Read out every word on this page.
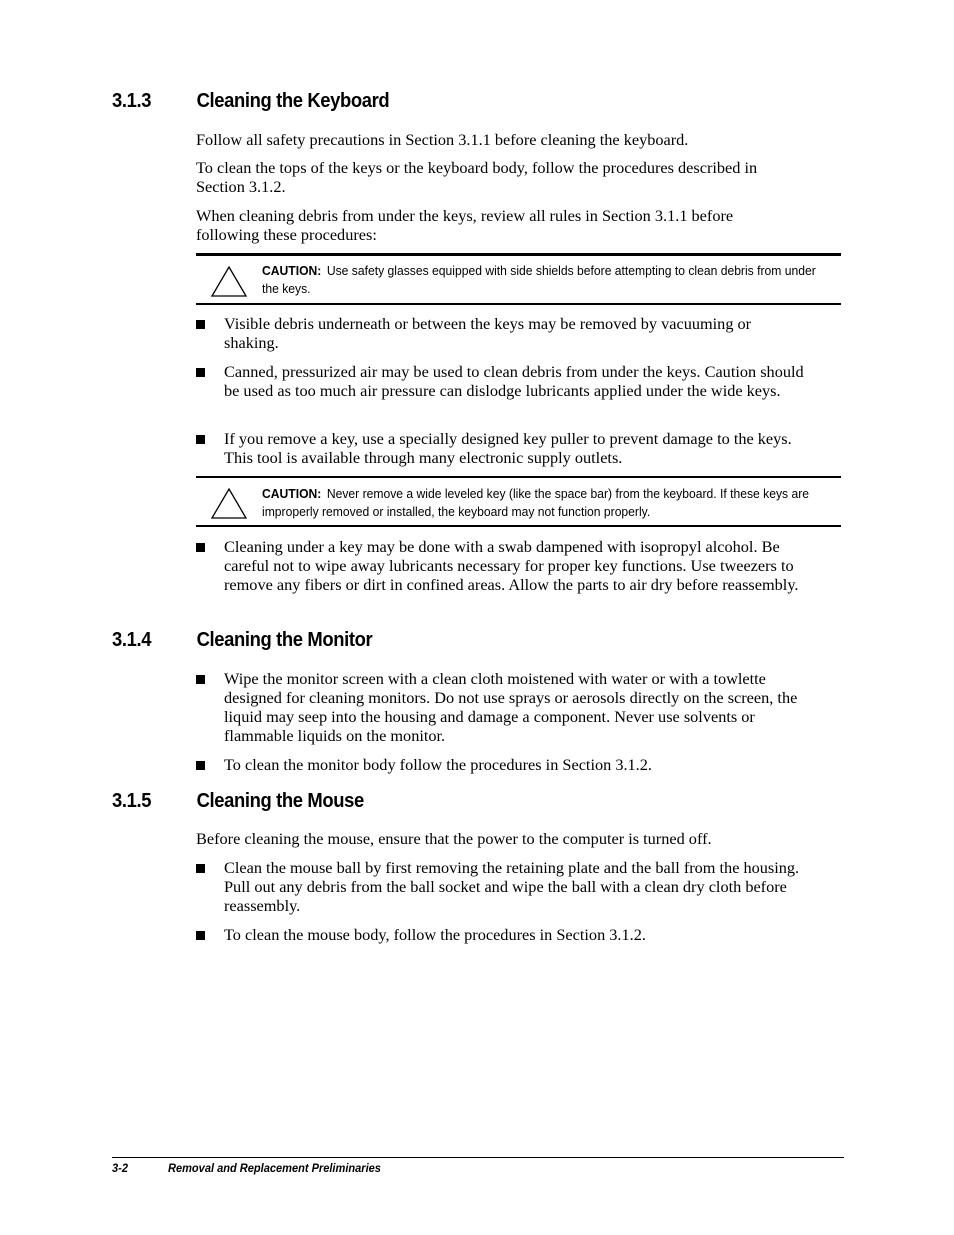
3.1.3 Cleaning the Keyboard
Follow all safety precautions in Section 3.1.1 before cleaning the keyboard.
To clean the tops of the keys or the keyboard body, follow the procedures described in Section 3.1.2.
When cleaning debris from under the keys, review all rules in Section 3.1.1 before following these procedures:
CAUTION: Use safety glasses equipped with side shields before attempting to clean debris from under the keys.
Visible debris underneath or between the keys may be removed by vacuuming or shaking.
Canned, pressurized air may be used to clean debris from under the keys. Caution should be used as too much air pressure can dislodge lubricants applied under the wide keys.
If you remove a key, use a specially designed key puller to prevent damage to the keys. This tool is available through many electronic supply outlets.
CAUTION: Never remove a wide leveled key (like the space bar) from the keyboard. If these keys are improperly removed or installed, the keyboard may not function properly.
Cleaning under a key may be done with a swab dampened with isopropyl alcohol. Be careful not to wipe away lubricants necessary for proper key functions. Use tweezers to remove any fibers or dirt in confined areas. Allow the parts to air dry before reassembly.
3.1.4 Cleaning the Monitor
Wipe the monitor screen with a clean cloth moistened with water or with a towlette designed for cleaning monitors. Do not use sprays or aerosols directly on the screen, the liquid may seep into the housing and damage a component. Never use solvents or flammable liquids on the monitor.
To clean the monitor body follow the procedures in Section 3.1.2.
3.1.5 Cleaning the Mouse
Before cleaning the mouse, ensure that the power to the computer is turned off.
Clean the mouse ball by first removing the retaining plate and the ball from the housing. Pull out any debris from the ball socket and wipe the ball with a clean dry cloth before reassembly.
To clean the mouse body, follow the procedures in Section 3.1.2.
3-2	Removal and Replacement Preliminaries
